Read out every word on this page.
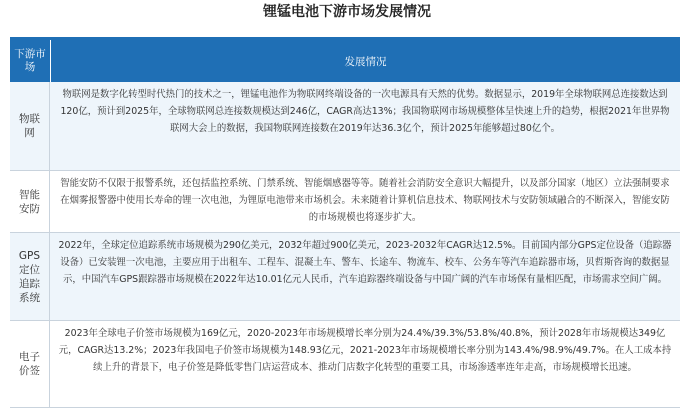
锂锰电池下游市场发展情况
下游市场	发展情况
物联网
物联网是数字化转型时代热门的技术之一，锂锰电池作为物联网终端设备的一次电源具有天然的优势。数据显示，2019年全球物联网总连接数达到120亿，预计到2025年，全球物联网总连接数规模达到246亿，CAGR高达13%；我国物联网市场规模整体呈快速上升的趋势，根据2021年世界物联网大会上的数据，我国物联网连接数在2019年达36.3亿个，预计2025年能够超过80亿个。
智能安防
智能安防不仅限于报警系统，还包括监控系统、门禁系统、智能烟感器等等。随着社会消防安全意识大幅提升，以及部分国家（地区）立法强制要求在烟雾报警器中使用长寿命的锂一次电池，为锂原电池带来市场机会。未来随着计算机信息技术、物联网技术与安防领域融合的不断深入，智能安防的市场规模也将逐步扩大。
GPS定位追踪系统
2022年，全球定位追踪系统市场规模为290亿美元，2032年超过900亿美元，2023-2032年CAGR达12.5%。目前国内部分GPS定位设备（追踪器设备）已安装锂一次电池，主要应用于出租车、工程车、混凝土车、警车、长途车、物流车、校车、公务车等汽车追踪器市场，贝哲斯咨询的数据显示，中国汽车GPS跟踪器市场规模在2022年达10.01亿元人民币，汽车追踪器终端设备与中国广阔的汽车市场保有量相匹配，市场需求空间广阔。
电子价签
2023年全球电子价签市场规模为169亿元，2020-2023年市场规模增长率分别为24.4%/39.3%/53.8%/40.8%，预计2028年市场规模达349亿元，CAGR达13.2%；2023年我国电子价签市场规模为148.93亿元，2021-2023年市场规模增长率分别为143.4%/98.9%/49.7%。在人工成本持续上升的背景下，电子价签是降低零售门店运营成本、推动门店数字化转型的重要工具，市场渗透率连年走高，市场规模增长迅速。
